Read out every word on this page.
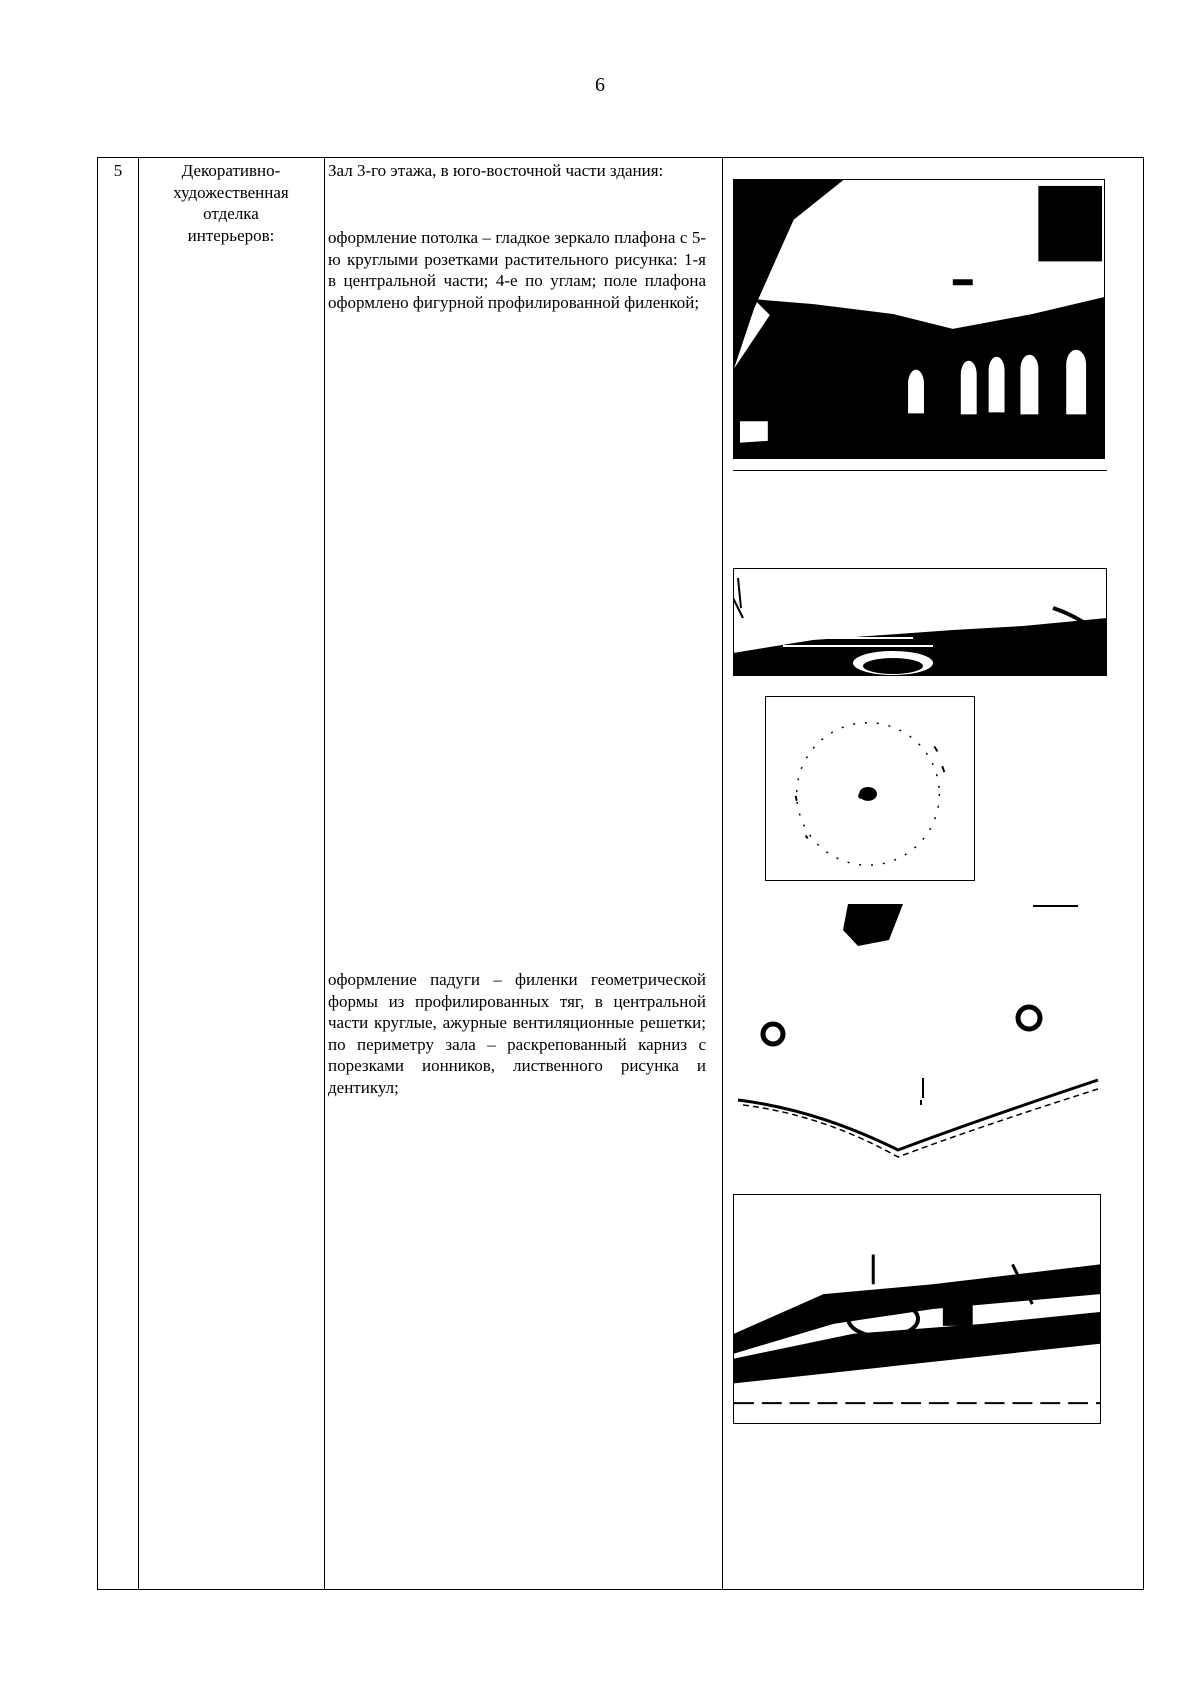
6
5	Декоративно-
художественная
отделка
интерьеров:

Зал 3-го этажа, в юго-восточной части здания:

оформление потолка – гладкое зеркало плафона с 5-ю круглыми розетками растительного рисунка: 1-я в центральной части; 4-е по углам; поле плафона оформлено фигурной профилированной филенкой;

оформление падуги – филенки геометрической формы из профилированных тяг, в центральной части круглые, ажурные вентиляционные решетки; по периметру зала – раскрепованный карниз с порезками ионников, лиственного рисунка и дентикул;
